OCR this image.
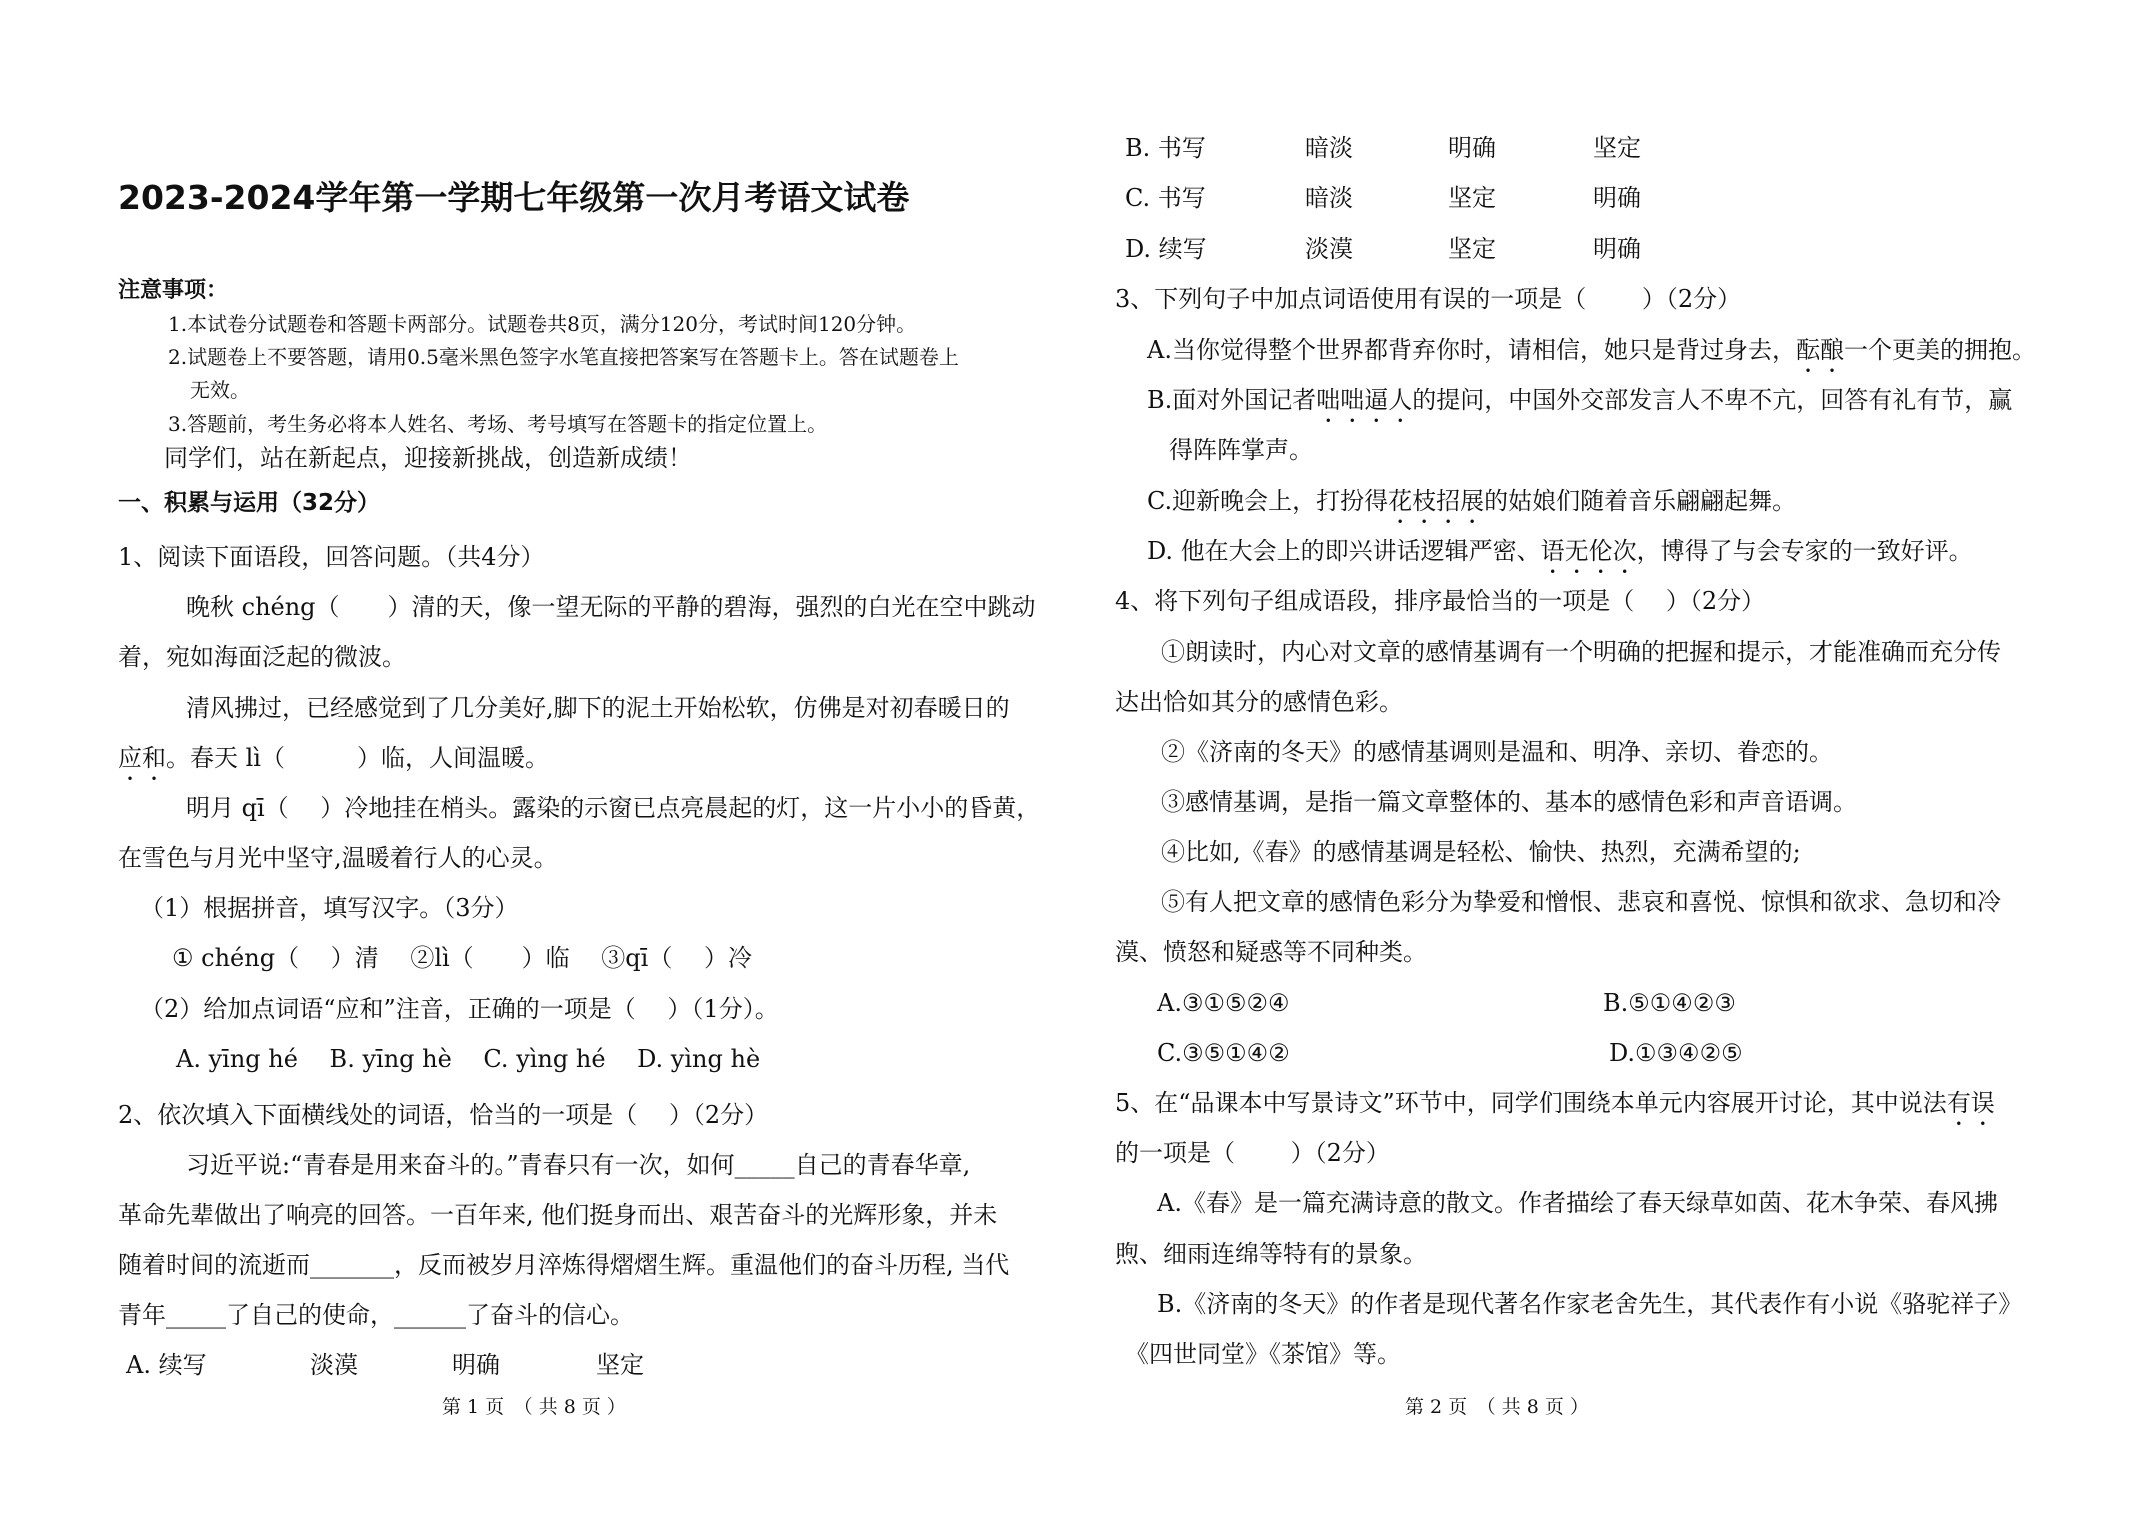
2023-2024学年第一学期七年级第一次月考语文试卷
注意事项：
1.本试卷分试题卷和答题卡两部分。试题卷共8页，满分120分，考试时间120分钟。
2.试题卷上不要答题，请用0.5毫米黑色签字水笔直接把答案写在答题卡上。答在试题卷上
无效。
3.答题前，考生务必将本人姓名、考场、考号填写在答题卡的指定位置上。
同学们，站在新起点，迎接新挑战，创造新成绩！
一、积累与运用（32分）
1、阅读下面语段，回答问题。（共4分）
晚秋 chéng（　　）清的天，像一望无际的平静的碧海，强烈的白光在空中跳动
着，宛如海面泛起的微波。
清风拂过，已经感觉到了几分美好,脚下的泥土开始松软，仿佛是对初春暖日的
应和。春天 lì（　　　）临，人间温暖。
明月 qī（　 ）冷地挂在梢头。露染的示窗已点亮晨起的灯，这一片小小的昏黄，
在雪色与月光中坚守,温暖着行人的心灵。
（1）根据拼音，填写汉字。（3分）
① chéng（　 ）清　 ②lì（　　）临　 ③qī（　 ）冷
（2）给加点词语“应和”注音，正确的一项是（　 ）（1分）。
A. yīng hé　 B. yīng hè　 C. yìng hé　 D. yìng hè
2、依次填入下面横线处的词语，恰当的一项是（　 ）（2分）
习近平说:“青春是用来奋斗的。”青春只有一次，如何_____自己的青春华章,
革命先辈做出了响亮的回答。一百年来, 他们挺身而出、艰苦奋斗的光辉形象，并未
随着时间的流逝而_______，反而被岁月淬炼得熠熠生辉。重温他们的奋斗历程, 当代
青年_____了自己的使命，______了奋斗的信心。
A. 续写	淡漠	明确	坚定
第 1 页　（ 共 8 页 ）
B. 书写	暗淡	明确	坚定
C. 书写	暗淡	坚定	明确
D. 续写	淡漠	坚定	明确
3、下列句子中加点词语使用有误的一项是（　　 ）（2分）
A.当你觉得整个世界都背弃你时，请相信，她只是背过身去，酝酿一个更美的拥抱。
B.面对外国记者咄咄逼人的提问，中国外交部发言人不卑不亢，回答有礼有节，赢
得阵阵掌声。
C.迎新晚会上，打扮得花枝招展的姑娘们随着音乐翩翩起舞。
D. 他在大会上的即兴讲话逻辑严密、语无伦次，博得了与会专家的一致好评。
4、将下列句子组成语段，排序最恰当的一项是（　 ）（2分）
①朗读时，内心对文章的感情基调有一个明确的把握和提示，才能准确而充分传
达出恰如其分的感情色彩。
②《济南的冬天》的感情基调则是温和、明净、亲切、眷恋的。
③感情基调，是指一篇文章整体的、基本的感情色彩和声音语调。
④比如,《春》的感情基调是轻松、愉快、热烈，充满希望的;
⑤有人把文章的感情色彩分为挚爱和憎恨、悲哀和喜悦、惊惧和欲求、急切和冷
漠、愤怒和疑惑等不同种类。
A.③①⑤②④	B.⑤①④②③
C.③⑤①④②	D.①③④②⑤
5、在“品课本中写景诗文”环节中，同学们围绕本单元内容展开讨论，其中说法有误
的一项是（　　 ）（2分）
A.《春》是一篇充满诗意的散文。作者描绘了春天绿草如茵、花木争荣、春风拂
煦、细雨连绵等特有的景象。
B.《济南的冬天》的作者是现代著名作家老舍先生，其代表作有小说《骆驼祥子》
《四世同堂》《茶馆》等。
第 2 页　（ 共 8 页 ）
